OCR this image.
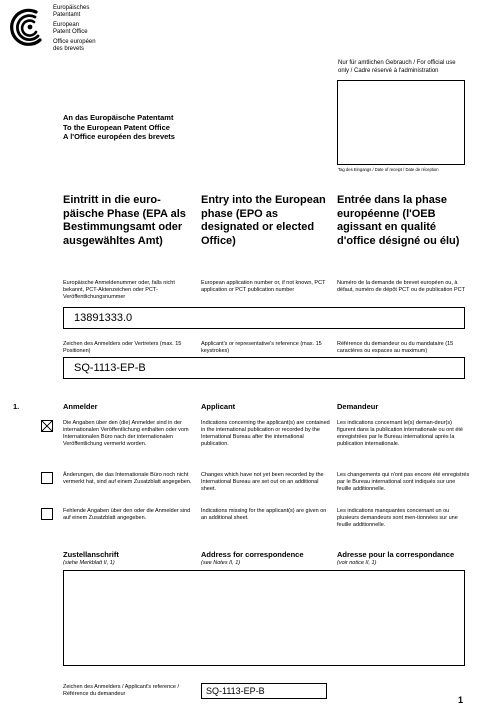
Europäisches
Patentamt
European
Patent Office
Office européen
des brevets
Nur für amtlichen Gebrauch / For official use only / Cadre réservé à l'administration
Tag des Eingangs / Date of receipt / Date de réception
An das Europäische Patentamt
To the European Patent Office
A l'Office européen des brevets
Eintritt in die euro-päische Phase (EPA als Bestimmungsamt oder ausgewähltes Amt)
Entry into the European phase (EPO as designated or elected Office)
Entrée dans la phase européenne (l'OEB agissant en qualité d'office désigné ou élu)
Europäische Anmeldenummer oder, falls nicht bekannt, PCT-Aktenzeichen oder PCT-Veröffentlichungsnummer
European application number or, if not known, PCT application or PCT publication number
Numéro de la demande de brevet européen ou, à défaut, numéro de dépôt PCT ou de publication PCT
13891333.0
Zeichen des Anmelders oder Vertreters (max. 15 Positionen)
Applicant's or representative's reference (max. 15 keystrokes)
Référence du demandeur ou du mandataire (15 caractères ou espaces au maximum)
SQ-1113-EP-B
1.	Anmelder	Applicant	Demandeur
Die Angaben über den (die) Anmelder sind in der internationalen Veröffentlichung enthalten oder vom Internationalen Büro nach der internationalen Veröffentlichung vermerkt worden.
Indications concerning the applicant(s) are contained in the international publication or recorded by the International Bureau after the international publication.
Les indications concernant le(s) deman-deur(s) figurent dans la publication internationale ou ont été enregistrées par le Bureau international après la publication internationale.
Änderungen, die das Internationale Büro noch nicht vermerkt hat, sind auf einem Zusatzblatt angegeben.
Changes which have not yet been recorded by the International Bureau are set out on an additional sheet.
Les changements qui n'ont pas encore été enregistrés par le Bureau international sont indiqués sur une feuille additionnelle.
Fehlende Angaben über den oder die Anmelder sind auf einem Zusatzblatt angegeben.
Indications missing for the applicant(s) are given on an additional sheet.
Les indications manquantes concernant un ou plusieurs demandeurs sont men-tionnées sur une feuille additionnelle.
Zustellanschrift	Address for correspondence	Adresse pour la correspondance
(siehe Merkblatt II, 1)	(see Notes II, 1)	(voir notice II, 1)
Zeichen des Anmelders / Applicant's reference / Référence du demandeur	SQ-1113-EP-B
1
